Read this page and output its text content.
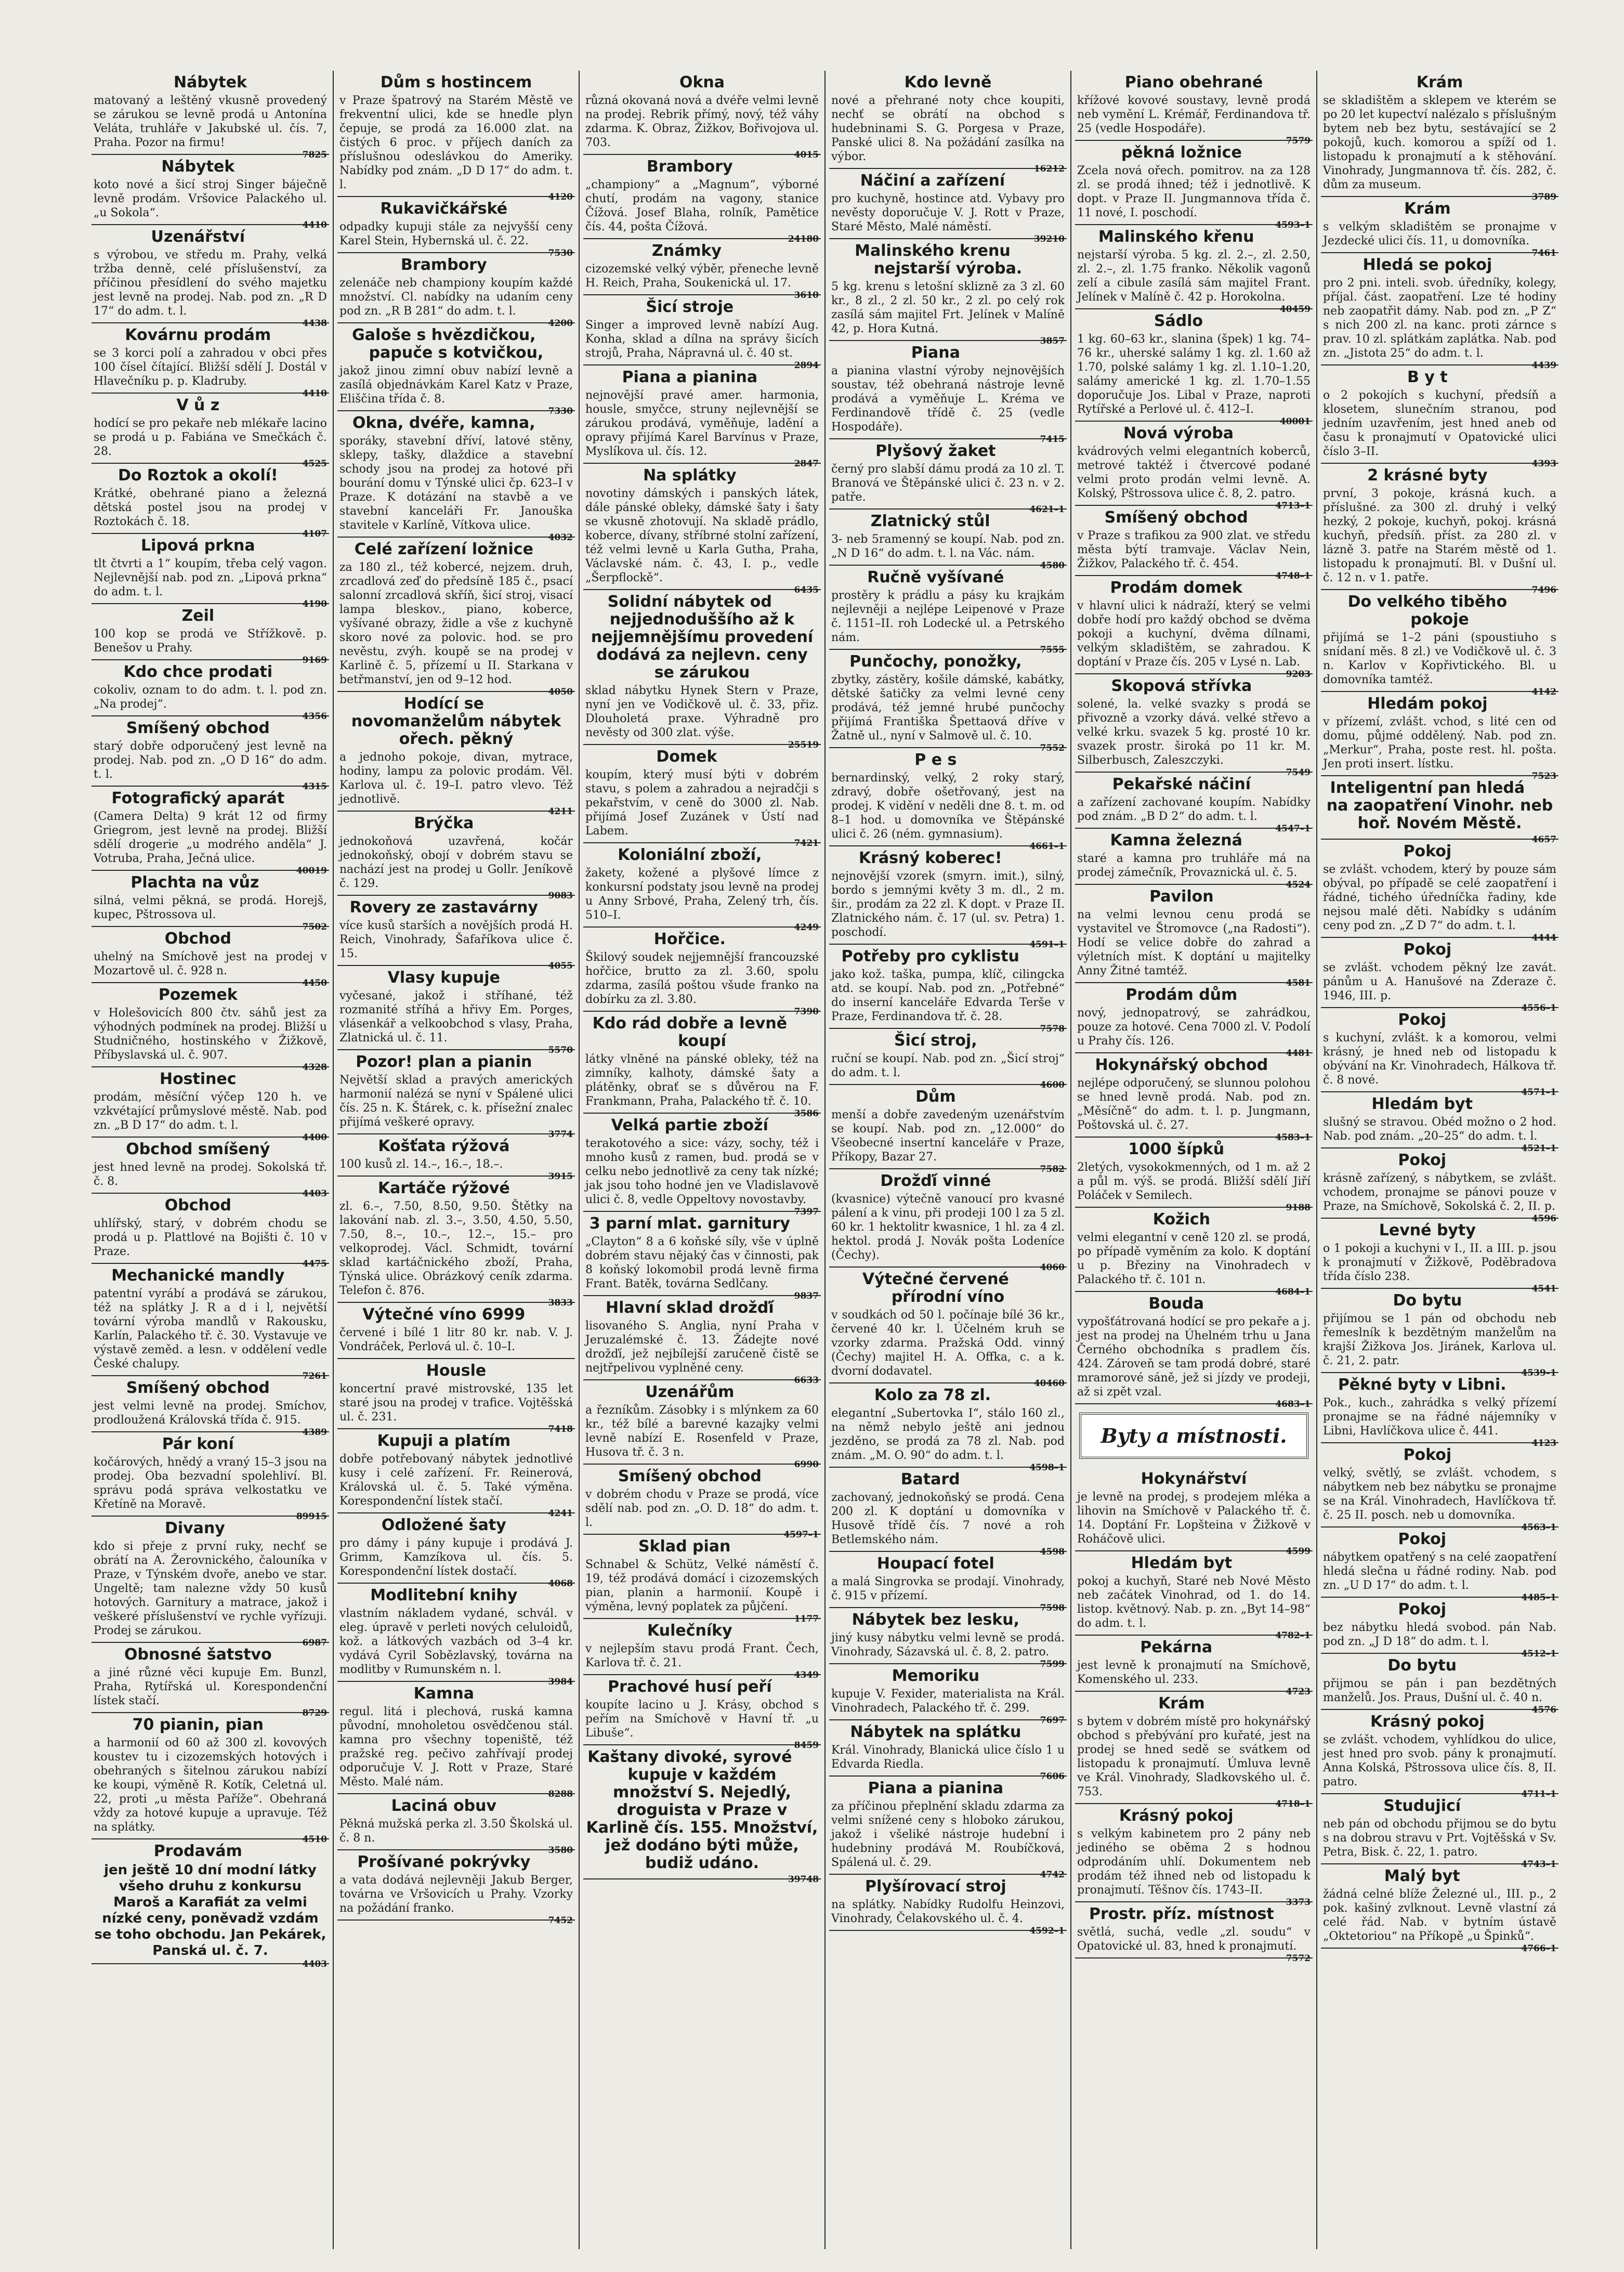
Nábytek

matovaný a leštěný vkusně provedený se zárukou se levně prodá u Antonína Veláta, truhláře v Jakubské ul. čís. 7, Praha. Pozor na firmu!

7825
Nábytek

koto nové a šicí stroj Singer báječně levně prodám. Vršovice Palackého ul. „u Sokola“.

4410
Uzenářství

s výrobou, ve středu m. Prahy, velká tržba denně, celé příslušenství, za příčinou přesídlení do svého majetku jest levně na prodej. Nab. pod zn. „R D 17“ do adm. t. l.

4438
Kovárnu prodám

se 3 korci polí a zahradou v obci přes 100 čísel čítající. Bližší sdělí J. Dostál v Hlavečníku p. p. Kladruby.

4410
V ů z

hodící se pro pekaře neb mlékaře lacino se prodá u p. Fabiána ve Smečkách č. 28.

4525
Do Roztok a okolí!

Krátké, obehrané piano a železná dětská postel jsou na prodej v Roztokách č. 18.

4107
Lipová prkna

tlt čtvrti a 1“ koupím, třeba celý vagon. Nejlevnější nab. pod zn. „Lipová prkna“ do adm. t. l.

4190
Zeil

100 kop se prodá ve Střížkově. p. Benešov u Prahy.

9169
Kdo chce prodati

cokoliv, oznam to do adm. t. l. pod zn. „Na prodej“.

4356
Smíšený obchod

starý dobře odporučený jest levně na prodej. Nab. pod zn. „O D 16“ do adm. t. l.

4315
Fotografický aparát

(Camera Delta) 9 krát 12 od firmy Griegrom, jest levně na prodej. Bližší sdělí drogerie „u modrého anděla“ J. Votruba, Praha, Ječná ulice.

40019
Plachta na vůz

silná, velmi pěkná, se prodá. Horejš, kupec, Pštrossova ul.

7502
Obchod

uhelný na Smíchově jest na prodej v Mozartově ul. č. 928 n.

4450
Pozemek

v Holešovicích 800 čtv. sáhů jest za výhodných podmínek na prodej. Bližší u Studničného, hostinského v Žižkově, Příbyslavská ul. č. 907.

4328
Hostinec

prodám, měsíční výčep 120 h. ve vzkvétající průmyslové městě. Nab. pod zn. „B D 17“ do adm. t. l.

4400
Obchod smíšený

jest hned levně na prodej. Sokolská tř. č. 8.

4403
Obchod

uhlířský, starý, v dobrém chodu se prodá u p. Plattlové na Bojišti č. 10 v Praze.

4475
Mechanické mandly

patentní vyrábí a prodává se zárukou, též na splátky J. R a d i l, největší tovární výroba mandlů v Rakousku, Karlín, Palackého tř. č. 30. Vystavuje ve výstavě zeměd. a lesn. v oddělení vedle České chalupy.

7261
Smíšený obchod

jest velmi levně na prodej. Smíchov, prodloužená Královská třída č. 915.

4389
Pár koní

kočárových, hnědý a vraný 15–3 jsou na prodej. Oba bezvadní spolehliví. Bl. správu podá správa velkostatku ve Křetíně na Moravě.

89915
Divany

kdo si přeje z první ruky, nechť se obrátí na A. Žerovnického, čalouníka v Praze, v Týnském dvoře, anebo ve star. Ungeltě; tam nalezne vždy 50 kusů hotových. Garnitury a matrace, jakož i veškeré příslušenství ve rychle vyřízuji. Prodej se zárukou.

6987
Obnosné šatstvo

a jiné různé věci kupuje Em. Bunzl, Praha, Rytířská ul. Korespondenční lístek stačí.

8729
70 pianin, pian

a harmonií od 60 až 300 zl. kovových koustev tu i cizozemských hotových i obehraných s šitelnou zárukou nabízí ke koupi, výměně R. Kotík, Celetná ul. 22, proti „u města Paříže“. Obehraná vždy za hotové kupuje a upravuje. Též na splátky.

4510
Prodavám

jen ještě 10 dní modní látky všeho druhu z konkursu Maroš a Karafiát za velmi nízké ceny, poněvadž vzdám se toho obchodu. Jan Pekárek, Panská ul. č. 7.

4403
Dům s hostincem

v Praze špatrový na Starém Městě ve frekventní ulici, kde se hnedle plyn čepuje, se prodá za 16.000 zlat. na čistých 6 proc. v příjech daních za příslušnou odeslávkou do Ameriky. Nabídky pod znám. „D D 17“ do adm. t. l.

4120
Rukavičkářské

odpadky kupuji stále za nejvyšší ceny Karel Stein, Hybernská ul. č. 22.

7530
Brambory

zelenáče neb championy koupím každé množství. Cl. nabídky na udaním ceny pod zn. „R B 281“ do adm. t. l.

4200
Galoše s hvězdičkou, papuče s kotvičkou,

jakož jinou zimní obuv nabízí levně a zasílá objednávkám Karel Katz v Praze, Eliščina třída č. 8.

7330
Okna, dvéře, kamna,

sporáky, stavební dříví, latové stěny, sklepy, tašky, dlaždice a stavební schody jsou na prodej za hotové při bourání domu v Týnské ulici čp. 623–I v Praze. K dotázání na stavbě a ve stavební kanceláři Fr. Janouška stavitele v Karlíně, Vítkova ulice.

4032
Celé zařízení ložnice

za 180 zl., též kobercé, nejzem. druh, zrcadlová zeď do předsíně 185 č., psací salonní zrcadlová skříň, šicí stroj, visací lampa bleskov., piano, koberce, vyšívané obrazy, židle a vše z kuchyně skoro nové za polovic. hod. se pro nevěstu, zvýh. koupě se na prodej v Karlině č. 5, přízemí u II. Starkana v betřmanství, jen od 9–12 hod.

4050
Hodící se novomanželům nábytek ořech. pěkný

a jednoho pokoje, divan, mytrace, hodiny, lampu za polovic prodám. Věl. Karlova ul. č. 19–I. patro vlevo. Též jednotlivě.

4211
Brýčka

jednokoňová uzavřená, kočár jednokoňský, obojí v dobrém stavu se nachází jest na prodej u Gollr. Jeníkově č. 129.

9083
Rovery ze zastavárny

více kusů starších a novějších prodá H. Reich, Vinohrady, Šafaříkova ulice č. 15.

4055
Vlasy kupuje

vyčesané, jakož i stříhané, též rozmanité stříhá a hřivy Em. Porges, vlásenkář a velkoobchod s vlasy, Praha, Zlatnická ul. č. 11.

5570
Pozor! plan a pianin

Největší sklad a pravých amerických harmonií nalézá se nyní v Spálené ulici čís. 25 n. K. Štárek, c. k. přísežní znalec přijímá veškeré opravy.

3774
Košťata rýžová

100 kusů zl. 14.–, 16.–, 18.–.

3915
Kartáče rýžové

zl. 6.–, 7.50, 8.50, 9.50. Štětky na lakování nab. zl. 3.–, 3.50, 4.50, 5.50, 7.50, 8.–, 10.–, 12.–, 15.– pro velkoprodej. Václ. Schmidt, tovární sklad kartáčnického zboží, Praha, Týnská ulice. Obrázkový ceník zdarma. Telefon č. 876.

3833
Výtečné víno 6999

červené i bílé 1 litr 80 kr. nab. V. J. Vondráček, Perlová ul. č. 10–I.

Housle

koncertní pravé mistrovské, 135 let staré jsou na prodej v trafice. Vojtěšská ul. č. 231.

7418
Kupuji a platím

dobře potřebovaný nábytek jednotlivé kusy i celé zařízení. Fr. Reinerová, Královská ul. č. 5. Také výměna. Korespondenční lístek stačí.

4241
Odložené šaty

pro dámy i pány kupuje i prodává J. Grimm, Kamzíkova ul. čís. 5. Korespondenční lístek dostačí.

4068
Modlitební knihy

vlastním nákladem vydané, schvál. v eleg. úpravě v perleti nových celuloidů, kož. a látkových vazbách od 3–4 kr. vydává Cyril Sobězlavský, továrna na modlitby v Rumunském n. l.

3984
Kamna

regul. litá i plechová, ruská kamna původní, mnoholetou osvědčenou stál. kamna pro všechny topeniště, též pražské reg. pečivo zahřívají prodej odporučuje V. J. Rott v Praze, Staré Město. Malé nám.

8288
Laciná obuv

Pěkná mužská perka zl. 3.50 Školská ul. č. 8 n.

3580
Prošívané pokrývky

a vata dodává nejlevněji Jakub Berger, továrna ve Vršovicích u Prahy. Vzorky na požádání franko.

7452
Okna

různá okovaná nová a dvéře velmi levně na prodej. Rebrik přímý, nový, též váhy zdarma. K. Obraz, Žižkov, Bořivojova ul. 703.

4015
Brambory

„championy“ a „Magnum“, výborné chutí, prodám na vagony, stanice Čížová. Josef Blaha, rolník, Pamětice čís. 44, pošta Čížová.

24180
Známky

cizozemské velký výběr, přeneche levně H. Reich, Praha, Soukenická ul. 17.

3610
Šicí stroje

Singer a improved levně nabízí Aug. Konha, sklad a dílna na správy šicích strojů, Praha, Nápravná ul. č. 40 st.

2894
Piana a pianina

nejnovější pravé amer. harmonia, housle, smyčce, struny nejlevnější se zárukou prodává, vyměňuje, ladění a opravy přijímá Karel Barvínus v Praze, Myslíkova ul. čís. 12.

2847
Na splátky

novotiny dámských i panských látek, dále pánské obleky, dámské šaty i šaty se vkusně zhotovují. Na skladě prádlo, koberce, dívany, stříbrné stolní zařízení, též velmi levně u Karla Gutha, Praha, Václavské nám. č. 43, I. p., vedle „Šerpflockě“.

6435
Solidní nábytek od nejjednoduššího až k nejjemnějšímu provedení dodává za nejlevn. ceny se zárukou

sklad nábytku Hynek Stern v Praze, nyní jen ve Vodičkově ul. č. 33, přiz. Dlouholetá praxe. Výhradně pro nevěsty od 300 zlat. výše.

25519
Domek

koupím, který musí býti v dobrém stavu, s polem a zahradou a nejradčji s pekařstvím, v ceně do 3000 zl. Nab. přijímá Josef Zuzánek v Ústí nad Labem.

7421
Koloniální zboží,

žakety, kožené a plyšové límce z konkursní podstaty jsou levně na prodej u Anny Srbové, Praha, Zelený trh, čís. 510–I.

4249
Hořčice.

Škilový soudek nejjemnější francouzské hořčice, brutto za zl. 3.60, spolu zdarma, zasílá poštou všude franko na dobírku za zl. 3.80.

7390
Kdo rád dobře a levně koupí

látky vlněné na pánské obleky, též na zimníky, kalhoty, dámské šaty a plátěnky, obrať se s důvěrou na F. Frankmann, Praha, Palackého tř. č. 10.

3586
Velká partie zboží

terakotového a sice: vázy, sochy, též i mnoho kusů z ramen, bud. prodá se v celku nebo jednotlivě za ceny tak nízké; jak jsou toho hodné jen ve Vladislavově ulici č. 8, vedle Oppeltovy novostavby.

7397
3 parní mlat. garnitury

„Clayton“ 8 a 6 koňské síly, vše v úplně dobrém stavu nějaký čas v činnosti, pak 8 koňský lokomobil prodá levně firma Frant. Batěk, továrna Sedlčany.

9837
Hlavní sklad drožďí

lisovaného S. Anglia, nyní Praha v Jeruzalémské č. 13. Žádejte nové drožďí, jež nejbílejší zaručeně čistě se nejtřpelivou vyplněné ceny.

6633
Uzenářům

a řezníkům. Zásobky i s mlýnkem za 60 kr., též bílé a barevné kazajky velmi levně nabízí E. Rosenfeld v Praze, Husova tř. č. 3 n.

6990
Smíšený obchod

v dobrém chodu v Praze se prodá, více sdělí nab. pod zn. „O. D. 18“ do adm. t. l.

4597–1
Sklad pian

Schnabel & Schütz, Velké náměstí č. 19, též prodává domácí i cizozemských pian, planin a harmonií. Koupě i výměna, levný poplatek za půjčení.

1177
Kulečníky

v nejlepším stavu prodá Frant. Čech, Karlova tř. č. 21.

4349
Prachové husí peří

koupíte lacino u J. Krásy, obchod s peřím na Smíchově v Havní tř. „u Libuše“.

8459
Kaštany divoké, syrové kupuje v každém množství S. Nejedlý, droguista v Praze v Karlině čís. 155. Množství, jež dodáno býti může, budiž udáno.

39748
Kdo levně

nové a přehrané noty chce koupiti, nechť se obrátí na obchod s hudebninami S. G. Porgesa v Praze, Panské ulici 8. Na požádání zasílka na výbor.

16212
Náčiní a zařízení

pro kuchyně, hostince atd. Vybavy pro nevěsty doporučuje V. J. Rott v Praze, Staré Město, Malé náměstí.

39210
Malinského krenu nejstarší výroba.

5 kg. krenu s letošní sklizně za 3 zl. 60 kr., 8 zl., 2 zl. 50 kr., 2 zl. po celý rok zasílá sám majitel Frt. Jelínek v Malíně 42, p. Hora Kutná.

3857
Piana

a pianina vlastní výroby nejnovějších soustav, též obehraná nástroje levně prodává a vyměňuje L. Kréma ve Ferdinandově třídě č. 25 (vedle Hospodáře).

7415
Plyšový žaket

černý pro slabší dámu prodá za 10 zl. T. Branová ve Štěpánské ulici č. 23 n. v 2. patře.

4621–1
Zlatnický stůl

3- neb 5ramenný se koupí. Nab. pod zn. „N D 16“ do adm. t. l. na Vác. nám.

4580
Ručně vyšívané

prostěry k prádlu a pásy ku krajkám nejlevněji a nejlépe Leipenové v Praze č. 1151–II. roh Lodecké ul. a Petrského nám.

7555
Punčochy, ponožky,

zbytky, zástěry, košile dámské, kabátky, dětské šatičky za velmi levné ceny prodává, též jemné hrubé punčochy přijímá Františka Špettaová dříve v Žatně ul., nyní v Salmově ul. č. 10.

7552
P e s

bernardinský, velký, 2 roky starý, zdravý, dobře ošetřovaný, jest na prodej. K vidění v neděli dne 8. t. m. od 8–1 hod. u domovníka ve Štěpánské ulici č. 26 (ném. gymnasium).

4661–1
Krásný koberec!

nejnovější vzorek (smyrn. imit.), silný, bordo s jemnými květy 3 m. dl., 2 m. šir., prodám za 22 zl. K dopt. v Praze II. Zlatnického nám. č. 17 (ul. sv. Petra) 1. poschodí.

4591–1
Potřeby pro cyklistu

jako kož. taška, pumpa, klíč, cilingcka atd. se koupí. Nab. pod zn. „Potřebné“ do inserní kanceláře Edvarda Terše v Praze, Ferdinandova tř. č. 28.

7578
Šicí stroj,

ruční se koupí. Nab. pod zn. „Šicí stroj“ do adm. t. l.

4600
Dům

menší a dobře zavedeným uzenářstvím se koupí. Nab. pod zn. „12.000“ do Všeobecné insertní kanceláře v Praze, Příkopy, Bazar 27.

7582
Drožďí vinné

(kvasnice) výtečně vanoucí pro kvasné pálení a k vinu, při prodeji 100 l za 5 zl. 60 kr. 1 hektolitr kwasnice, 1 hl. za 4 zl. hektol. prodá J. Novák pošta Lodeníce (Čechy).

4060
Výtečné červené přírodní víno

v soudkách od 50 l. počínaje bílé 36 kr., červené 40 kr. l. Účelném kruh se vzorky zdarma. Pražská Odd. vinný (Čechy) majitel H. A. Offka, c. a k. dvorní dodavatel.

40460
Kolo za 78 zl.

elegantní „Subertovka I“, stálo 160 zl., na němž nebylo ještě ani jednou jezděno, se prodá za 78 zl. Nab. pod znám. „M. O. 90“ do adm. t. l.

4598–1
Batard

zachovaný, jednokoňský se prodá. Cena 200 zl. K doptání u domovníka v Husově třídě čís. 7 nové a roh Betlemského nám.

4598
Houpací fotel

a malá Singrovka se prodají. Vinohrady, č. 915 v přízemí.

7598
Nábytek bez lesku,

jiný kusy nábytku velmi levně se prodá. Vinohrady, Sázavská ul. č. 8, 2. patro.

7599
Memoriku

kupuje V. Fexider, materialista na Král. Vinohradech, Palackého tř. č. 299.

7697
Nábytek na splátku

Král. Vinohrady, Blanická ulice číslo 1 u Edvarda Riedla.

7606
Piana a pianina

za příčinou přeplnění skladu zdarma za velmi snížené ceny s hloboko zárukou, jakož i všeliké nástroje hudební i hudebniny prodává M. Roubíčková, Spálená ul. č. 29.

4742
Plyšírovací stroj

na splátky. Nabídky Rudolfu Heinzovi, Vinohrady, Čelakovského ul. č. 4.

4592–1
Piano obehrané

křížové kovové soustavy, levně prodá neb vymění L. Krémář, Ferdinandova tř. 25 (vedle Hospodáře).

7579
pěkná ložnice

Zcela nová ořech. pomitrov. na za 128 zl. se prodá ihned; též i jednotlivě. K dopt. v Praze II. Jungmannova třída č. 11 nové, I. poschodí.

4593–1
Malinského křenu

nejstarší výroba. 5 kg. zl. 2.–, zl. 2.50, zl. 2.–, zl. 1.75 franko. Několik vagonů zelí a cibule zasílá sám majitel Frant. Jelínek v Malíně č. 42 p. Horokolna.

40459
Sádlo

1 kg. 60–63 kr., slanina (špek) 1 kg. 74–76 kr., uherské salámy 1 kg. zl. 1.60 až 1.70, polské salámy 1 kg. zl. 1.10–1.20, salámy americké 1 kg. zl. 1.70–1.55 doporučuje Jos. Libal v Praze, naproti Rytířské a Perlové ul. č. 412–I.

40001
Nová výroba

kvádrových velmi elegantních koberců, metrové taktéž i čtvercové podané velmi proto prodán velmi levně. A. Kolský, Pštrossova ulice č. 8, 2. patro.

4713–1
Smíšený obchod

v Praze s trafikou za 900 zlat. ve středu města býtí tramvaje. Václav Nein, Žižkov, Palackého tř. č. 454.

4748–1
Prodám domek

v hlavní ulici k nádraží, který se velmi dobře hodí pro každý obchod se dvěma pokoji a kuchyní, dvěma dílnami, velkým skladištěm, se zahradou. K doptání v Praze čís. 205 v Lysé n. Lab.

9203
Skopová střívka

solené, la. velké svazky s prodá se přivozně a vzorky dává. velké střevo a velké krku. svazek 5 kg. prosté 10 kr. svazek prostr. široká po 11 kr. M. Silberbusch, Zaleszczyki.

7549
Pekařské náčiní

a zařízení zachované koupím. Nabídky pod znám. „B D 2“ do adm. t. l.

4547–1
Kamna železná

staré a kamna pro truhláře má na prodej zámečník, Provaznická ul. č. 5.

4524
Pavilon

na velmi levnou cenu prodá se vystavitel ve Štromovce („na Radosti“). Hodí se velice dobře do zahrad a výletních míst. K doptání u majitelky Anny Žitné tamtéž.

4581
Prodám dům

nový, jednopatrový, se zahrádkou, pouze za hotové. Cena 7000 zl. V. Podolí u Prahy čís. 126.

4481
Hokynářský obchod

nejlépe odporučený, se slunnou polohou se hned levně prodá. Nab. pod zn. „Měsíčně“ do adm. t. l. p. Jungmann, Poštovská ul. č. 27.

4583–1
1000 šípků

2letých, vysokokmenných, od 1 m. až 2 a půl m. výš. se prodá. Bližší sdělí Jiří Poláček v Semilech.

9188
Kožich

velmi elegantní v ceně 120 zl. se prodá, po případě vyměním za kolo. K doptání u p. Březiny na Vinohradech v Palackého tř. č. 101 n.

4684–1
Bouda

vypošťátrovaná hodící se pro pekaře a j. jest na prodej na Úhelném trhu u Jana Černého obchodníka s pradlem čís. 424. Zároveň se tam prodá dobré, staré mramorové sáně, jež si jízdy ve prodeji, až si zpět vzal.

4683–1
Byty a místnosti.
Hokynářství

je levně na prodej, s prodejem mléka a lihovin na Smíchově v Palackého tř. č. 14. Doptání Fr. Lopšteina v Žižkově v Roháčově ulici.

4599
Hledám byt

pokoj a kuchyň, Staré neb Nové Město neb začátek Vinohrad, od 1. do 14. listop. květnový. Nab. p. zn. „Byt 14–98“ do adm. t. l.

4782–1
Pekárna

jest levně k pronajmutí na Smíchově, Komenského ul. 233.

4723
Krám

s bytem v dobrém místě pro hokynářský obchod s přebývání pro kuřaté, jest na prodej se hned sedě se svátkem od listopadu k pronajmutí. Úmluva levně ve Král. Vinohrady, Sladkovského ul. č. 753.

4718–1
Krásný pokoj

s velkým kabinetem pro 2 pány neb jediného se oběma 2 s hodnou odprodáním uhlí. Dokumentem neb prodám též ihned neb od listopadu k pronajmutí. Těšnov čís. 1743–II.

3373
Prostr. příz. místnost

světlá, suchá, vedle „zl. soudu“ v Opatovické ul. 83, hned k pronajmutí.

7572
Krám

se skladištěm a sklepem ve kterém se po 20 let kupectví nalézalo s příslušným bytem neb bez bytu, sestávající se 2 pokojů, kuch. komorou a spíží od 1. listopadu k pronajmutí a k stěhování. Vinohrady, Jungmannova tř. čís. 282, č. dům za museum.

3789
Krám

s velkým skladištěm se pronajme v Jezdecké ulici čís. 11, u domovníka.

7461
Hledá se pokoj

pro 2 pni. inteli. svob. úředníky, kolegy, příjal. část. zaopatření. Lze té hodiny neb zaopatřit dámy. Nab. pod zn. „P Z“ s nich 200 zl. na kanc. proti zárnce s prav. 10 zl. splátkám zaplátka. Nab. pod zn. „Jistota 25“ do adm. t. l.

4439
B y t

o 2 pokojích s kuchyní, předsíň a klosetem, slunečním stranou, pod jedním uzavřením, jest hned aneb od času k pronajmutí v Opatovické ulici číslo 3–II.

4393
2 krásné byty

první, 3 pokoje, krásná kuch. a příslušné. za 300 zl. druhý i velký hezký, 2 pokoje, kuchyň, pokoj. krásná kuchyň, předsíň. příst. za 280 zl. v lázně 3. patře na Starém městě od 1. listopadu k pronajmutí. Bl. v Dušní ul. č. 12 n. v 1. patře.

7496
Do velkého tiběho pokoje

přijímá se 1–2 páni (spoustiuho s snídaní měs. 8 zl.) ve Vodičkově ul. č. 3 n. Karlov v Kopřivtického. Bl. u domovníka tamtéž.

4142
Hledám pokoj

v přízemí, zvlášt. vchod, s lité cen od domu, půjmé oddělený. Nab. pod zn. „Merkur“, Praha, poste rest. hl. pošta. Jen proti insert. lístku.

7523
Inteligentní pan hledá na zaopatření Vinohr. neb hoř. Novém Městě.

4657
Pokoj

se zvlášt. vchodem, který by pouze sám obýval, po případě se celé zaopatření i řádné, tichého úředníčka řadiny, kde nejsou malé děti. Nabídky s udáním ceny pod zn. „Z D 7“ do adm. t. l.

4444
Pokoj

se zvlášt. vchodem pěkný lze zavát. pánům u A. Hanušové na Zderaze č. 1946, III. p.

4556–1
Pokoj

s kuchyní, zvlášt. k a komorou, velmi krásný, je hned neb od listopadu k obývání na Kr. Vinohradech, Hálkova tř. č. 8 nové.

4571–1
Hledám byt

slušný se stravou. Obéd možno o 2 hod. Nab. pod znám. „20–25“ do adm. t. l.

4521–1
Pokoj

krásně zařízený, s nábytkem, se zvlášt. vchodem, pronajme se pánovi pouze v Praze, na Smíchově, Sokolská č. 2, II. p.

4596
Levné byty

o 1 pokoji a kuchyni v I., II. a III. p. jsou k pronajmutí v Žižkově, Poděbradova třída číslo 238.

4541
Do bytu

přijímou se 1 pán od obchodu neb řemeslník k bezdětným manželům na krajší Žižkova Jos. Jiránek, Karlova ul. č. 21, 2. patr.

4539–1
Pěkné byty v Libni.

Pok., kuch., zahrádka s velký přízemí pronajme se na řádné nájemníky v Libni, Havlíčkova ulice č. 441.

4123
Pokoj

velký, světlý, se zvlášt. vchodem, s nábytkem neb bez nábytku se pronajme se na Král. Vinohradech, Havlíčkova tř. č. 25 II. posch. neb u domovníka.

4563–1
Pokoj

nábytkem opatřený s na celé zaopatření hledá slečna u řádné rodiny. Nab. pod zn. „U D 17“ do adm. t. l.

4485–1
Pokoj

bez nábytku hledá svobod. pán Nab. pod zn. „J D 18“ do adm. t. l.

4512–1
Do bytu

přijmou se pán i pan bezdětných manželů. Jos. Praus, Dušní ul. č. 40 n.

4576
Krásný pokoj

se zvlášt. vchodem, vyhlídkou do ulice, jest hned pro svob. pány k pronajmutí. Anna Kolská, Pštrossova ulice čís. 8, II. patro.

4711–1
Studujicí

neb pán od obchodu přijmou se do bytu s na dobrou stravu v Prt. Vojtěšská v Sv. Petra, Bisk. č. 22, 1. patro.

4743–1
Malý byt

žádná celné blíže Železné ul., III. p., 2 pok. kašiný zvlknout. Levně vlastní zá celé řád. Nab. v bytním ústavě „Oktetoriou“ na Příkopě „u Špinků“.

4766–1
